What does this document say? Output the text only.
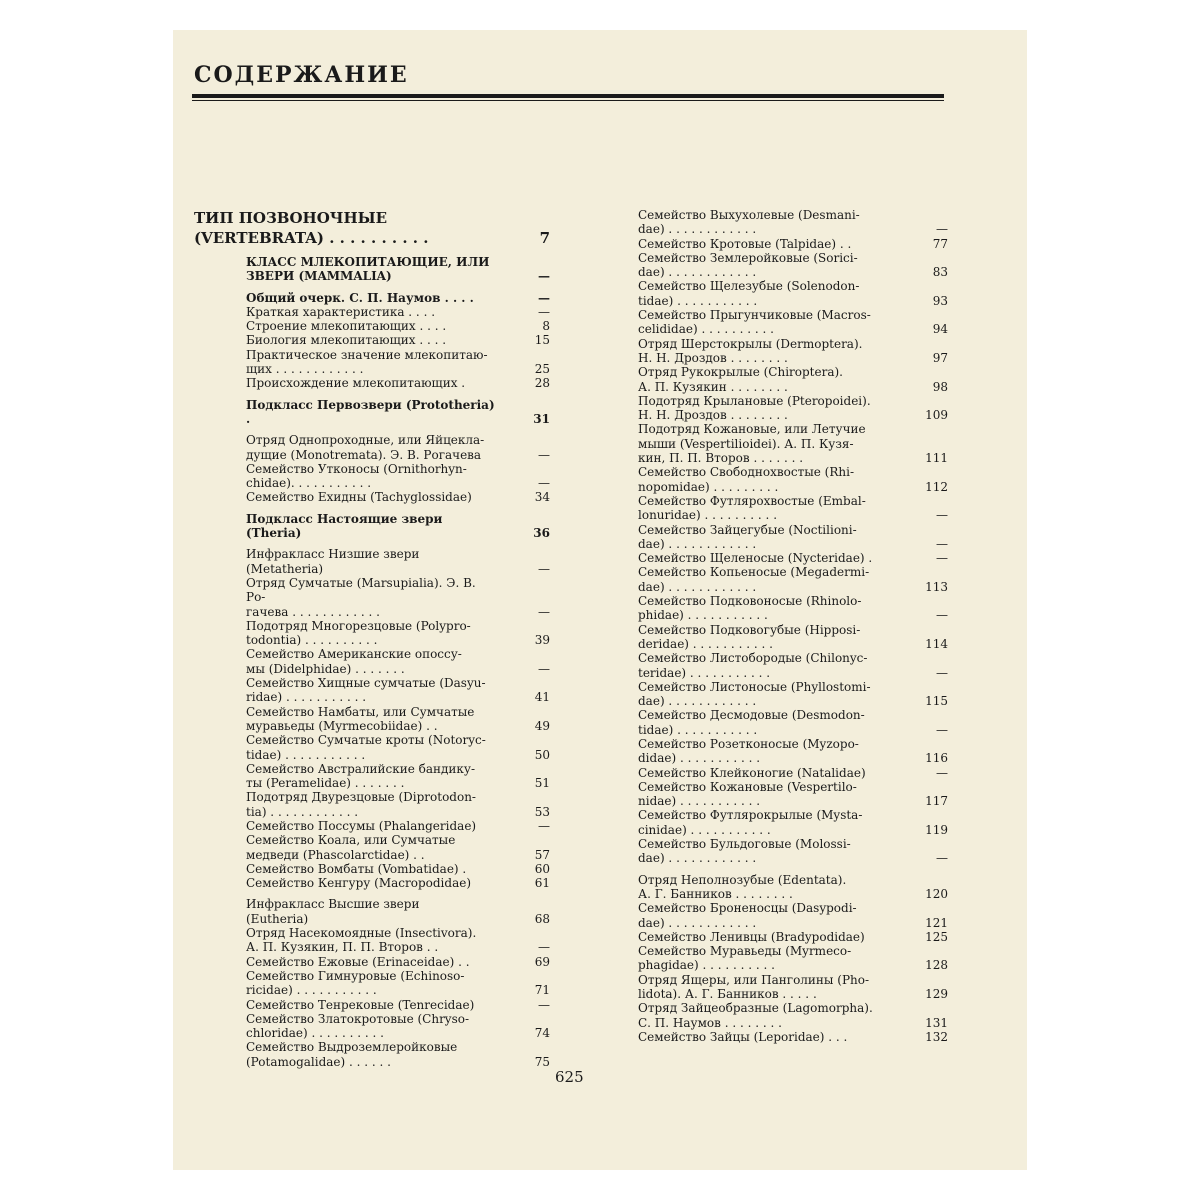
СОДЕРЖАНИЕ
ТИП ПОЗВОНОЧНЫЕ
(VERTEBRATA) . . . . . . . . . .	7
КЛАСС МЛЕКОПИТАЮЩИЕ, ИЛИ
ЗВЕРИ (MAMMALIA)	—
Общий очерк. С. П. Наумов . . . .	—
Краткая характеристика . . . .	—
Строение млекопитающих . . . .	8
Биология млекопитающих . . . .	15
Практическое значение млекопитаю-
щих . . . . . . . . . . . .	25
Происхождение млекопитающих .	28
Подкласс Первозвери (Prototheria) .	31
Отряд Однопроходные, или Яйцекла-
дущие (Monotremata). Э. В. Рогачева	—
Семейство Утконосы (Ornithorhyn-
chidae). . . . . . . . . . .	—
Семейство Ехидны (Tachyglossidae)	34
Подкласс Настоящие звери (Theria)	36
Инфракласс Низшие звери
(Metatheria)	—
Отряд Сумчатые (Marsupialia). Э. В. Ро-
гачева . . . . . . . . . . . .	—
Подотряд Многорезцовые (Polypro-
todontia) . . . . . . . . . .	39
Семейство Американские опоссу-
мы (Didelphidae) . . . . . . .	—
Семейство Хищные сумчатые (Dasyu-
ridae) . . . . . . . . . . .	41
Семейство Намбаты, или Сумчатые
муравьеды (Myrmecobiidae) . .	49
Семейство Сумчатые кроты (Notoryc-
tidae) . . . . . . . . . . .	50
Семейство Австралийские бандику-
ты (Peramelidae) . . . . . . .	51
Подотряд Двурезцовые (Diprotodon-
tia) . . . . . . . . . . . .	53
Семейство Поссумы (Phalangeridae)	—
Семейство Коала, или Сумчатые
медведи (Phascolarctidae) . .	57
Семейство Вомбаты (Vombatidae) .	60
Семейство Кенгуру (Macropodidae)	61
Инфракласс Высшие звери
(Eutheria)	68
Отряд Насекомоядные (Insectivora).
А. П. Кузякин, П. П. Второв . .	—
Семейство Ежовые (Erinaceidae) . .	69
Семейство Гимнуровые (Echinoso-
ricidae) . . . . . . . . . . .	71
Семейство Тенрековые (Tenrecidae)	—
Семейство Златокротовые (Chryso-
chloridae) . . . . . . . . . .	74
Семейство Выдроземлеройковые
(Potamogalidae) . . . . . .	75
Семейство Выхухолевые (Desmani-
dae) . . . . . . . . . . . .	—
Семейство Кротовые (Talpidae) . .	77
Семейство Землеройковые (Sorici-
dae) . . . . . . . . . . . .	83
Семейство Щелезубые (Solenodon-
tidae) . . . . . . . . . . .	93
Семейство Прыгунчиковые (Macros-
celididae) . . . . . . . . . .	94
Отряд Шерстокрылы (Dermoptera).
Н. Н. Дроздов . . . . . . . .	97
Отряд Рукокрылые (Chiroptera).
А. П. Кузякин . . . . . . . .	98
Подотряд Крылановые (Pteropoidei).
Н. Н. Дроздов . . . . . . . .	109
Подотряд Кожановые, или Летучие
мыши (Vespertilioidei). А. П. Кузя-
кин, П. П. Второв . . . . . . .	111
Семейство Свободнохвостые (Rhi-
nopomidae) . . . . . . . . .	112
Семейство Футлярохвостые (Embal-
lonuridae) . . . . . . . . . .	—
Семейство Зайцегубые (Noctilioni-
dae) . . . . . . . . . . . .	—
Семейство Щеленосые (Nycteridae) .	—
Семейство Копьеносые (Megadermi-
dae) . . . . . . . . . . . .	113
Семейство Подковоносые (Rhinolo-
phidae) . . . . . . . . . . .	—
Семейство Подковогубые (Hipposi-
deridae) . . . . . . . . . . .	114
Семейство Листобородые (Chilonyc-
teridae) . . . . . . . . . . .	—
Семейство Листоносые (Phyllostomi-
dae) . . . . . . . . . . . .	115
Семейство Десмодовые (Desmodon-
tidae) . . . . . . . . . . .	—
Семейство Розетконосые (Myzopo-
didae) . . . . . . . . . . .	116
Семейство Клейконогие (Natalidae)	—
Семейство Кожановые (Vespertilo-
nidae) . . . . . . . . . . .	117
Семейство Футлярокрылые (Mysta-
cinidae) . . . . . . . . . . .	119
Семейство Бульдоговые (Molossi-
dae) . . . . . . . . . . . .	—
Отряд Неполнозубые (Edentata).
А. Г. Банников . . . . . . . .	120
Семейство Броненосцы (Dasypodi-
dae) . . . . . . . . . . . .	121
Семейство Ленивцы (Bradypodidae)	125
Семейство Муравьеды (Myrmeco-
phagidae) . . . . . . . . . .	128
Отряд Ящеры, или Панголины (Pho-
lidota). А. Г. Банников . . . . .	129
Отряд Зайцеобразные (Lagomorpha).
С. П. Наумов . . . . . . . .	131
Семейство Зайцы (Leporidae) . . .	132
625
